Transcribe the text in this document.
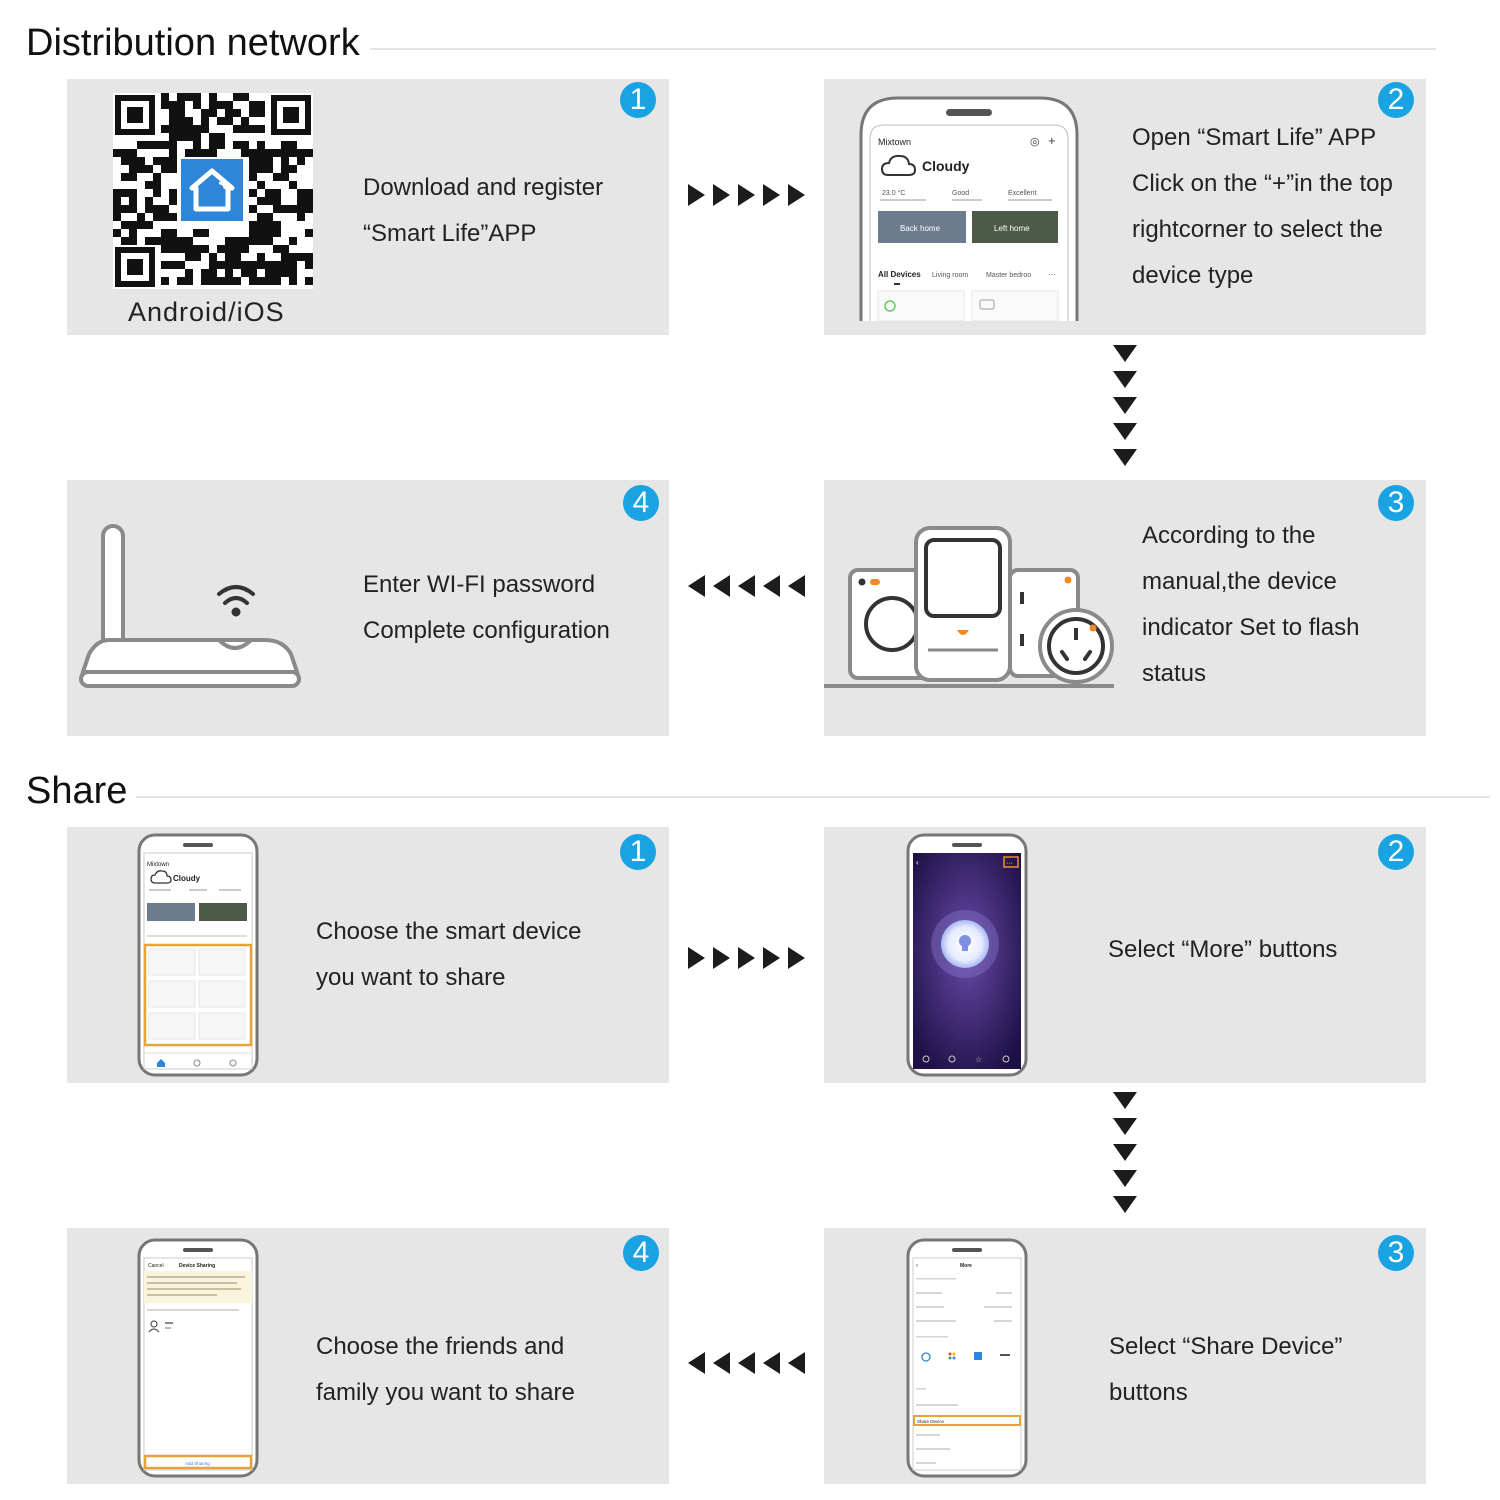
Distribution network
Android/iOS
1
Download and register
“Smart Life”APP
Mixtown	◎ +
Cloudy
23.0 °C	Good	Excellent
Back home	Left home
All Devices Living room	Master bedroo ···
2
Open “Smart Life” APP
Click on the “+”in the top
rightcorner to select the
device type
4
Enter WI-FI password
Complete configuration
3
According to the
manual,the device
indicator Set to flash
status
Share
Mixtown
Cloudy
1
Choose the smart device
you want to share
‹	···
☆
2
Select “More” buttons
Cancel	Device Sharing
Add Sharing
4
Choose the friends and
family you want to share
‹	More
Share Device
3
Select “Share Device”
buttons
